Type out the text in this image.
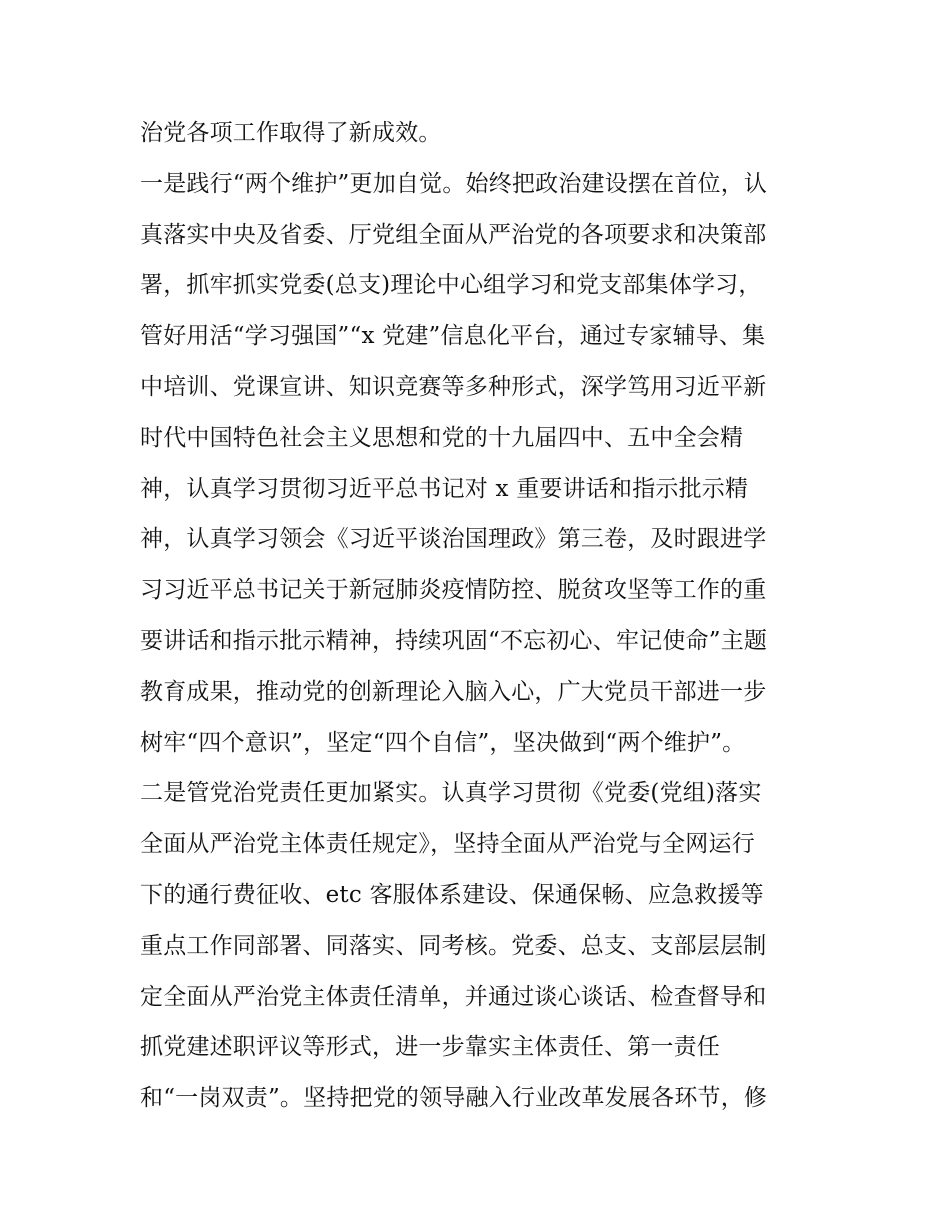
治党各项工作取得了新成效。
一是践行“两个维护”更加自觉。始终把政治建设摆在首位，认
真落实中央及省委、厅党组全面从严治党的各项要求和决策部
署，抓牢抓实党委(总支)理论中心组学习和党支部集体学习，
管好用活“学习强国”“x 党建”信息化平台，通过专家辅导、集
中培训、党课宣讲、知识竞赛等多种形式，深学笃用习近平新
时代中国特色社会主义思想和党的十九届四中、五中全会精
神，认真学习贯彻习近平总书记对 x 重要讲话和指示批示精
神，认真学习领会《习近平谈治国理政》第三卷，及时跟进学
习习近平总书记关于新冠肺炎疫情防控、脱贫攻坚等工作的重
要讲话和指示批示精神，持续巩固“不忘初心、牢记使命”主题
教育成果，推动党的创新理论入脑入心，广大党员干部进一步
树牢“四个意识”，坚定“四个自信”，坚决做到“两个维护”。
二是管党治党责任更加紧实。认真学习贯彻《党委(党组)落实
全面从严治党主体责任规定》，坚持全面从严治党与全网运行
下的通行费征收、etc 客服体系建设、保通保畅、应急救援等
重点工作同部署、同落实、同考核。党委、总支、支部层层制
定全面从严治党主体责任清单，并通过谈心谈话、检查督导和
抓党建述职评议等形式，进一步靠实主体责任、第一责任
和“一岗双责”。坚持把党的领导融入行业改革发展各环节，修
